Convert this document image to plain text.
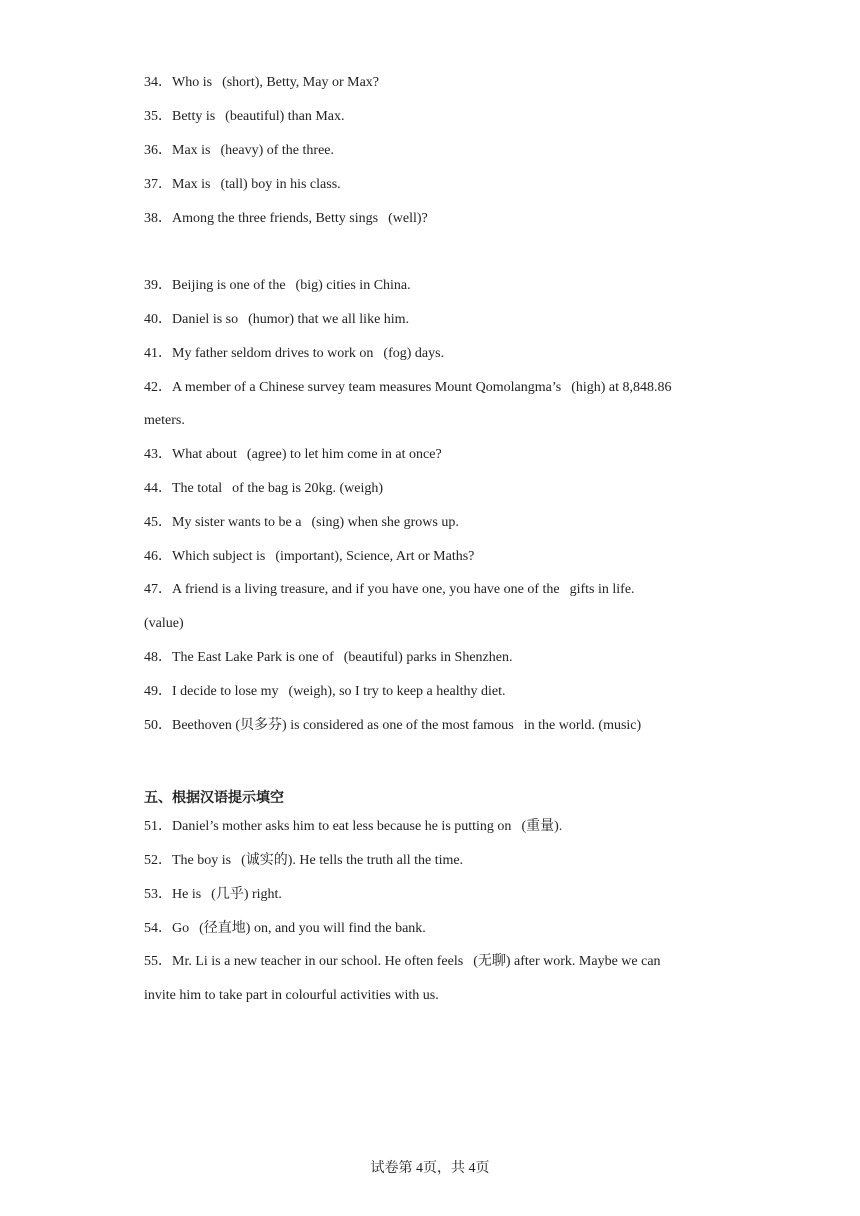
34．Who is (short), Betty, May or Max?
35．Betty is (beautiful) than Max.
36．Max is (heavy) of the three.
37．Max is (tall) boy in his class.
38．Among the three friends, Betty sings (well)?
39．Beijing is one of the (big) cities in China.
40．Daniel is so (humor) that we all like him.
41．My father seldom drives to work on (fog) days.
42．A member of a Chinese survey team measures Mount Qomolangma’s (high) at 8,848.86
meters.
43．What about (agree) to let him come in at once?
44．The total of the bag is 20kg. (weigh)
45．My sister wants to be a (sing) when she grows up.
46．Which subject is (important), Science, Art or Maths?
47．A friend is a living treasure, and if you have one, you have one of the gifts in life.
(value)
48．The East Lake Park is one of (beautiful) parks in Shenzhen.
49．I decide to lose my (weigh), so I try to keep a healthy diet.
50．Beethoven (贝多芬) is considered as one of the most famous in the world. (music)
五、根据汉语提示填空
51．Daniel’s mother asks him to eat less because he is putting on (重量).
52．The boy is (诚实的). He tells the truth all the time.
53．He is (几乎) right.
54．Go (径直地) on, and you will find the bank.
55．Mr. Li is a new teacher in our school. He often feels (无聊) after work. Maybe we can
invite him to take part in colourful activities with us.
试卷第 4页，共 4页
